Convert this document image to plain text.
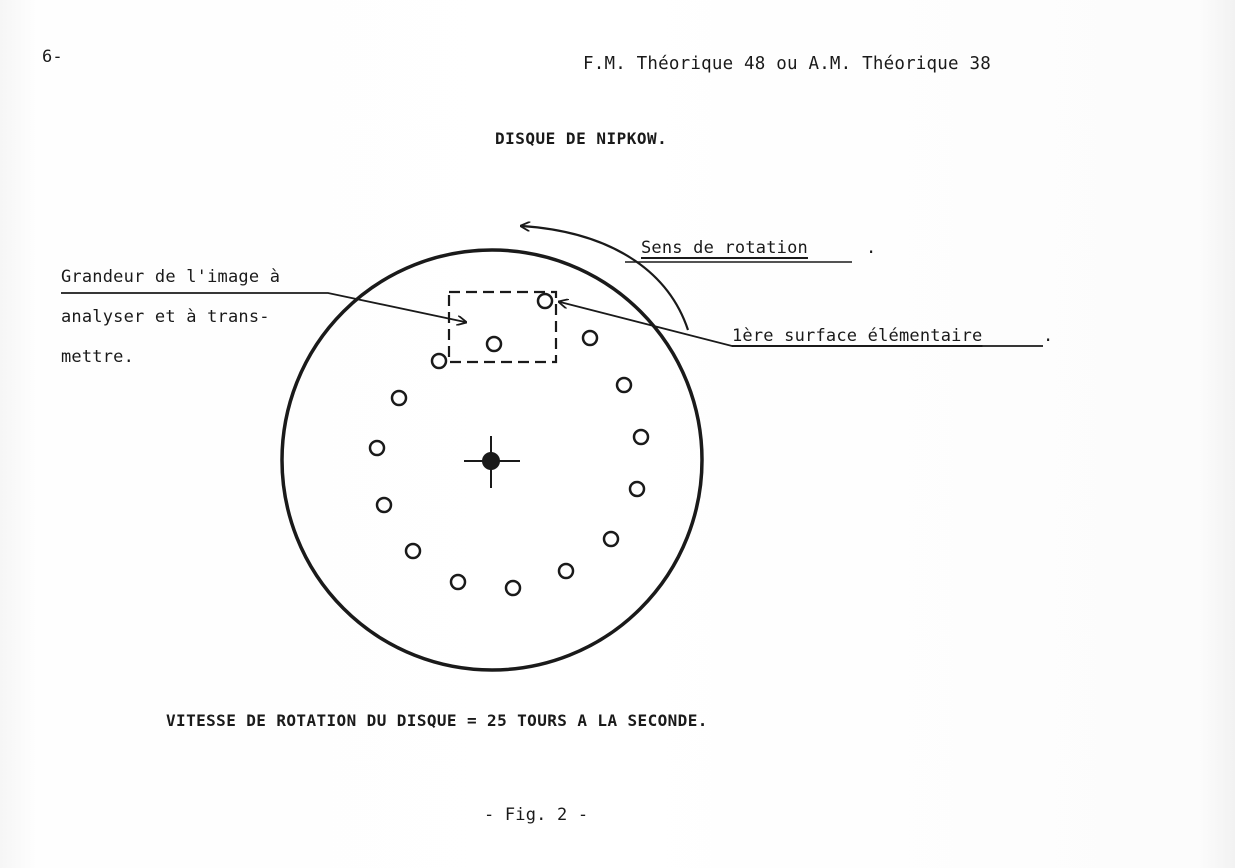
6-	F.M. Théorique 48 ou A.M. Théorique 38
DISQUE DE NIPKOW.
Grandeur de l'image à
analyser et à trans-
mettre.
Sens de rotation	.
1ère surface élémentaire	.
VITESSE DE ROTATION DU DISQUE = 25 TOURS A LA SECONDE.
- Fig. 2 -
